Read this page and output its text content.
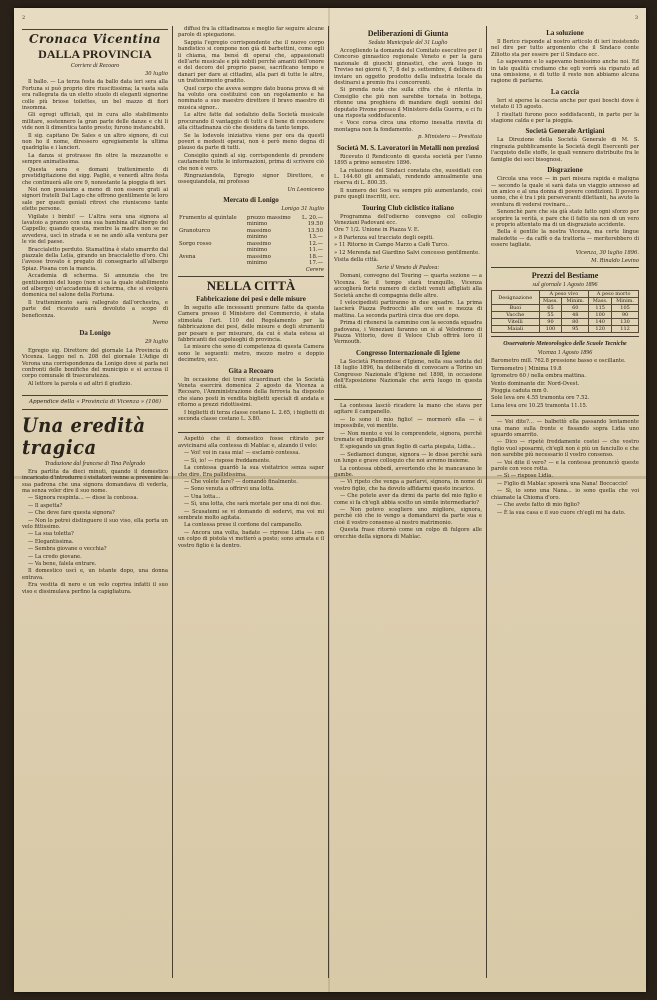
2	3
Cronaca Vicentina
DALLA PROVINCIA
Corriere di Recoaro
30 luglio

Il ballo. — La terza festa da ballo data ieri sera alla Fortuna si può proprio dire riuscitissima; la vasta sala era rallegrata da un eletto stuolo di eleganti signorine colle più briose toilettes, un bel mazzo di fiori insomma.

Gli egregi ufficiali, qui in cura allo stabilimento militare, sostennero la gran parte delle danze e chi li vide non li dimentica tanto presto; furono instancabili.

Il sig. capitano De Sales e un altro signore, di cui non ho il nome, diressero egregiamente la ultima quadriglia e i lancieri.

La danza si protrasse fin oltre la mezzanotte e sempre animatissima.

Questa sera e domani trattenimento di prestidigitazione dei sigg. Pagliè, e venerdì altra festa che continuerà alle ore 9, nonostante la pioggia di ieri.

Noi non possiamo a meno di non essere grati ai signori fratelli Dal Lago che offrono gentilmente le loro sale per questi geniali ritrovi che riuniscono tante elette persone.

Vigilate i bimbi! — L'altra sera una signora al lavatoio a pranzo con una sua bambina all'albergo del Cappello; quando questa, mentre la madre non se ne avvedeva, uscì in strada e se ne andò alla ventura per le vie del paese.

Braccialetto perduto. Stamattina è stato smarrito dal piazzale della Lelia, girando un braccialetto d'oro. Chi l'avesse trovato è pregato di consegnarlo all'albergo Spiaz. Pisana con la mancia.

Accademia di scherma. Si annunzia che tre gentiluomini del luogo (non si sa la quale stabilimento od albergo) un'accademia di scherma, che si svolgerà domenica nel salone della Fortuna.

Il trattenimento sarà rallegrato dall'orchestra, e parte del ricavato sarà devoluto a scopo di beneficenza.

Nemo
Da Lonigo
29 luglio

Egregio sig. Direttore del giornale La Provincia di Vicenza. Leggo nel n. 208 del giornale L'Adige di Verona una corrispondenza da Lonigo dove si parla nei confronti delle bonifiche del municipio e si accusa il corpo comunale di trascuratezza.

Al lettore la parola e ad altri il giudizio.

Appendice della « Provincia di Vicenza » (106)
Una eredità tragica
Traduzione dal francese di Tina Pelgrado

Era partita da dieci minuti, quando il domestico incaricato d'introdurre i visitatori venne a prevenire la sua padrona che una signora domandava di vederla, ma senza voler dire il suo nome.

— Signora respinta... — disse la contessa.

— Il aspetta?

— Che deve fare questa signora?

— Non lo potrei distinguere il suo viso, ella porta un velo fittissimo.

— La sua toletta?

— Elegantissima.

— Sembra giovane o vecchia?

— La credo giovane.

— Va bene, falela entrare.

Il domestico uscì e, un istante dopo, una donna entrava.

Era vestita di nero e un velo copriva infatti il suo viso e dissimulava perfino la capigliatura.

diffusi fra la cittadinanza e meglio far seguire alcune parole di spiegazione.

Sappia l'egregio corrispondente che il nuovo corpo bandistico si compone non già di barbettini, come egli li chiama, ma bensì di operai che, appassionati dell'arte musicale e più nobili perchè amanti dell'onore e del decoro del proprio paese, sacrificano tempo e danari per dare ai cittadini, alla pari di tutte le altre, un trattenimento gradito.

Quel corpo che aveva sempre dato buona prova di sè ha voluto ora costituirsi con un regolamento e ha nominato a suo maestro direttore il bravo maestro di musica signor...

Le altre fatte dal sodalizio della Società musicale procurando il vantaggio di tutti e il bene di concedere alla cittadinanza ciò che desidera da tanto tempo.

Se la lodevole iniziativa viene per ora da questi poveri e modesti operai, non è però meno degna di plauso da parte di tutti.

Consiglio quindi al sig. corrispondente di prendere cautamente tutte le informazioni, prima di scrivere ciò che non è vero.

Ringraziandola, Egregio signor Direttore, e ossequiandola, mi professo

Un Leoniceno
Mercato di Lonigo
Lonigo 31 luglio
Frumento al quintale	prezzo massimo	L. 20.—
	minimo	19.50
Granoturco	massimo	13.50
	minimo	13.—
Sorgo rosso	massimo	12.—
	minimo	11.—
Avena	massimo	18.—
	minimo	17.—
Cerere
NELLA CITTÀ
Fabbricazione dei pesi e delle misure

In seguito alle incessanti premure fatte da questa Camera presso il Ministero del Commercio, è stata stimolata l'art. 110 del Regolamento per la fabbricazione dei pesi, delle misure e degli strumenti per pesare e per misurare, da cui è stata estesa ai fabbricanti dei capoluoghi di provincia.

Le misure che sono di competenza di questa Camera sono le seguenti: metro, mezzo metro e doppio decimetro, ecc.

Gita a Recoaro

In occasione dei treni straordinari che la Società Veneta esercirà domenica 2 agosto da Vicenza a Recoaro, l'Amministrazione della ferrovia ha disposto che siano posti in vendita biglietti speciali di andata e ritorno a prezzi ridottissimi.

I biglietti di terza classe costano L. 2.65, i biglietti di seconda classe costano L. 3.80.

Aspettò che il domestico fosse ritirato per avvicinarsi alla contessa di Mablac e, alzando il velo:

— Voi! voi in casa mia! — esclamò contessa.

— Sì, io! — rispose freddamente.

La contessa guardò la sua visitatrice senza saper che dire. Era pallidissima.

— Che volete fare? — domandò finalmente.

— Sono venuta a offrirvi una lotta.

— Una lotta...

— Sì, una lotta, che sarà mortale per una di noi due.

— Scusatemi se vi domando di sedervi, ma voi mi sembrate molto agitata.

La contessa prese il cordone del campanello.

— Ancora una volta, badate — riprese Lidia — con un colpo di pistola vi metterò a posto; sono armata e il vostro figlio è la dentro.

Deliberazioni di Giunta
Seduta Municipale del 31 Luglio

Accogliendo la domanda del Comitato esecutivo per il Concorso ginnastico regionale Veneto e per la gara nazionale di giuochi ginnastici, che avrà luogo in Treviso nei giorni 6, 7, 8 del p. settembre, il delibera di inviare un oggetto prodotto della industria locale da destinarsi a premio fra i concorrenti.

Si prenda nota che sulla cifra che è riferita in Consiglio che più non sarebbe tornata in bottega, ritenne una preghiera di mandare degli uomini del deputato Pivone presso il Ministero della Guerra, e ci fu una risposta soddisfacente.

« Voce corsa circa una ritorno inesatta rinvita di montagna non fa fondamento.

p. Ministero — Previtaia
Società M. S. Lavoratori in Metalli non preziosi

Ricevuto il Rendiconto di questa società per l'anno 1895 a primo semestre 1896.

La relazione del Sindaci constata che, sussidiati con L. 144.60 gli ammalati, rendendo annualmente una riserva di L. 800.35.

Il numero dei Soci va sempre più aumentando, così pure quegli inscritti, ecc.

Touring Club ciclistico italiano

Programma dell'odierno convegno col collegio Veneziani Padovani ecc.

Ore 7 1/2. Unione in Piazza V. E.

» 8 Partenza sul tracciato degli ospiti.

» 11 Ritorno in Campo Marzo a Cafè Turco.

» 12 Merenda nel Giardino Salvi concesso gentilmente.

Visita della città.

Serie il Veneto di Padova:

Domani, convegno del Touring — quarta sezione — a Vicenza. Se il tempo starà tranquillo, Vicenza accoglierà forte numero di ciclisti venuti affigliati alla Società anche di compagnia delle altre.

I velocipedisti partiranno in due squadre. La prima lascierà Piazza Pedrocchi alle ore sei e mezza di mattina. La seconda partirà circa due ore dopo.

Prima di ritenersi la cammino con la seconda squadra padovana, i Veneziani faranno un sì al Velodromo di Piazza Vittorio, dove il Veloce Club offrirà loro il Vermouth.

Congresso Internazionale di Igiene

La Società Piemontese d'Igiene, nella sua seduta del 18 luglio 1896, ha deliberato di convocare a Torino un Congresso Nazionale d'Igiene nel 1898, in occasione dell'Esposizione Nazionale che avrà luogo in questa città.

La contessa lasciò ricadere la mano che stava per agitare il campanello.

— Io sono il mio figlio! — mormorò ella — è impossibile, voi mentite.

— Non mento e voi lo comprendete, signora, perchè tremate ed impallidite.

E spiegando un gran foglio di carta piegata, Lidia...

— Sediamoci dunque, signora — le disse perchè sarà un lungo e grave colloquio che noi avremo insieme.

La contessa obbedì, avvertendo che le mancavano le gambe.

— Vi ripeto che venga a parlarvi, signora, in nome di vostro figlio, che ha dovuto affidarmi questo incarico.

— Che potete aver da dirmi da parte del mio figlio e come si fa ch'egli abbia scelto un simile intermediario?

— Non potevo scegliere uno migliore, signora, perchè ciò che io vengo a domandarvi da parte sua e cioè il vostro consenso al nostro matrimonio.

Questa frase ritornò come un colpo di fulgore alle orecchie della signora di Mablac.

La soluzione

Il Berico risponde al nostro articolo di ieri insistendo nel dire per tutto argomento che il Sindaco conte Ziliotto sta per essere per il Sindaco ecc.

Lo sapevamo e lo sapevamo benissimo anche noi. Ed in tale qualità crediamo che egli vorrà sia riparato ad una omissione, e di tutto il resto non abbiamo alcuna ragione di parlarne.

La caccia

Ieri si aperse la caccia anche per quei boschi dove è vietato il 15 agosto.

I risultati furono poco soddisfacenti, in parte per la stagione calda e per la pioggia.

Società Generale Artigiani

La Direzione della Società Generale di M. S. ringrazia pubblicamente la Società degli Esercenti per l'acquisto delle stoffe, le quali vennero distribuite fra le famiglie dei soci bisognosi.

Disgrazione

Circola una voce — in pari misura rapida e maligna — secondo la quale si sarà data un viaggio annesso ad un amico e al una donna di povere condizioni. Il povero uomo, che è tra i più perseveranti dilettanti, ha avuto la sventura di vedersi rovinare...

Senonchè pare che sia già stato fatto ogni sforzo per scoprire la verità, e pare che il fatto sia non di un vero e proprio attentato ma di un disgraziato accidente.

Bella è gentile la nostra Vicenza, ma certe lingue maledette — da caffè o da trattoria — meriterebbero di essere tagliate.

Vicenza, 30 luglio 1896.
M. Rinaldo Levino
Prezzi del Bestiame
sul giornale 1 Agosto 1896
Designazione	A peso vivo		A peso morto	
	Mass.	Minim.	Mass.	Minim.
Buoi	65	60	115	105
Vacche	55	48	100	90
Vitelli	90	80	140	130
Maiali	100	95	120	112
Osservatorio Meteorologico delle Scuole Tecniche
Vicenza 1 Agosto 1896

Barometro mill. 762.8 pressione basso e oscillante.

Termometro | Minima 19.8

Igrometro 60 / nella ombra mattina.

Vento dominante dir. Nord-Ovest.

Pioggia caduta mm 0.

Sole leva ore 4.55 tramonta ore 7.52.

Luna leva ore 10.25 tramonta 11.15.

— Voi dite?... — balbettò ella passando lentamente una mano sulla fronte e fissando sopra Lidia uno sguardo smarrito.

— Dico — ripetè freddamente costei — che vostro figlio vuol sposarmi, ch'egli non è più un fanciullo e che non sarebbe più necessario il vostro consenso.

— Voi dite il vero? — e la contessa pronunciò queste parole con voce rotta.

— Sì — rispose Lidia.

— Figlio di Mablac sposerà una Nana! Boccaccio!

— Sì, io sono una Nana... io sono quella che voi chiamate la Chioma d'oro.

— Che avete fatto di mio figlio?

— È la sua casa e il suo cuore ch'egli mi ha dato.
